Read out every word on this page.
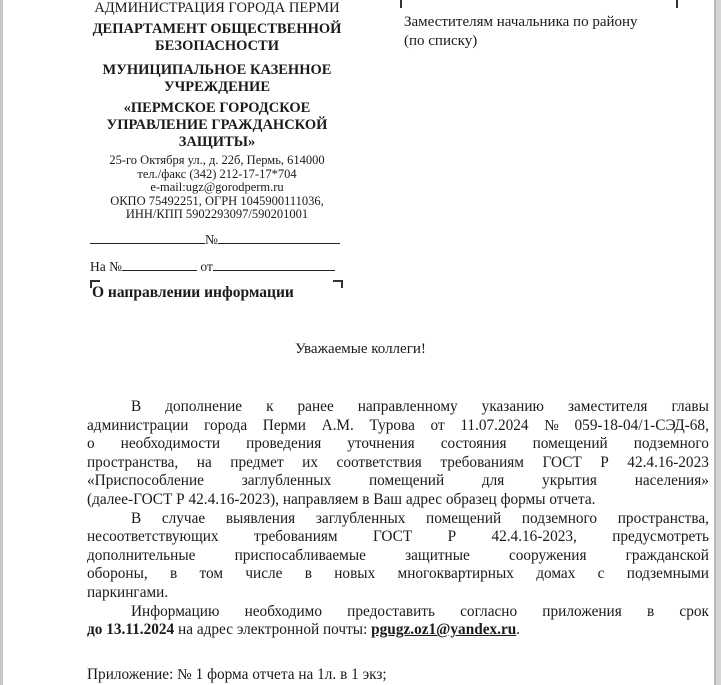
АДМИНИСТРАЦИЯ ГОРОДА ПЕРМИ
ДЕПАРТАМЕНТ ОБЩЕСТВЕННОЙ
БЕЗОПАСНОСТИ
МУНИЦИПАЛЬНОЕ КАЗЕННОЕ
УЧРЕЖДЕНИЕ
«ПЕРМСКОЕ ГОРОДСКОЕ
УПРАВЛЕНИЕ ГРАЖДАНСКОЙ
ЗАЩИТЫ»
25-го Октября ул., д. 22б, Пермь, 614000
тел./факс (342) 212-17-17*704
e-mail:ugz@gorodperm.ru
ОКПО 75492251, ОГРН 1045900111036,
ИНН/КПП 5902293097/590201001
№
На №	от
О направлении информации
Заместителям начальника по району
(по списку)
Уважаемые коллеги!
В дополнение к ранее направленному указанию заместителя главы
администрации города Перми А.М. Турова от 11.07.2024 № 059-18-04/1-СЭД-68,
о необходимости проведения уточнения состояния помещений подземного
пространства, на предмет их соответствия требованиям ГОСТ Р 42.4.16-2023
«Приспособление заглубленных помещений для укрытия населения»
(далее-ГОСТ Р 42.4.16-2023), направляем в Ваш адрес образец формы отчета.
В случае выявления заглубленных помещений подземного пространства,
несоответствующих требованиям ГОСТ Р 42.4.16-2023, предусмотреть
дополнительные	приспосабливаемые	защитные	сооружения	гражданской
обороны, в том числе в новых многоквартирных домах с подземными
паркингами.
Информацию необходимо предоставить согласно приложения в срок
до 13.11.2024 на адрес электронной почты: pgugz.oz1@yandex.ru.
Приложение: № 1 форма отчета на 1л. в 1 экз;
